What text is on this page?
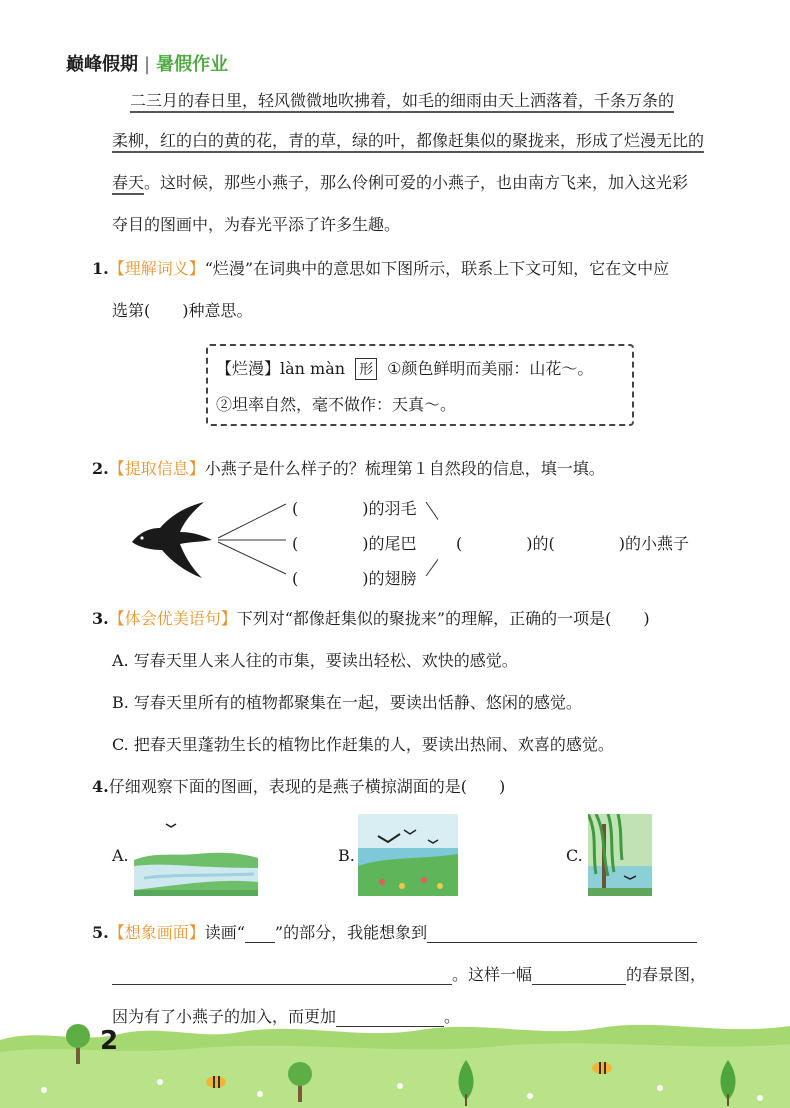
巅峰假期 | 暑假作业
二三月的春日里，轻风微微地吹拂着，如毛的细雨由天上洒落着，千条万条的
柔柳，红的白的黄的花，青的草，绿的叶，都像赶集似的聚拢来，形成了烂漫无比的
春天。这时候，那些小燕子，那么伶俐可爱的小燕子，也由南方飞来，加入这光彩
夺目的图画中，为春光平添了许多生趣。
1.【理解词义】“烂漫”在词典中的意思如下图所示，联系上下文可知，它在文中应
选第(　　)种意思。
【烂漫】làn màn 形 ①颜色鲜明而美丽：山花～。
②坦率自然，毫不做作：天真～。
2.【提取信息】小燕子是什么样子的？梳理第１自然段的信息，填一填。
(　　　　)的羽毛
(　　　　)的尾巴
(　　　　)的翅膀
(　　　　)的(　　　　)的小燕子
3.【体会优美语句】下列对“都像赶集似的聚拢来”的理解，正确的一项是(　　)
A. 写春天里人来人往的市集，要读出轻松、欢快的感觉。
B. 写春天里所有的植物都聚集在一起，要读出恬静、悠闲的感觉。
C. 把春天里蓬勃生长的植物比作赶集的人，要读出热闹、欢喜的感觉。
4.仔细观察下面的图画，表现的是燕子横掠湖面的是(　　)
A.	B.	C.
5.【想象画面】读画“ ”的部分，我能想象到
。这样一幅	的春景图，
因为有了小燕子的加入，而更加	。
2
